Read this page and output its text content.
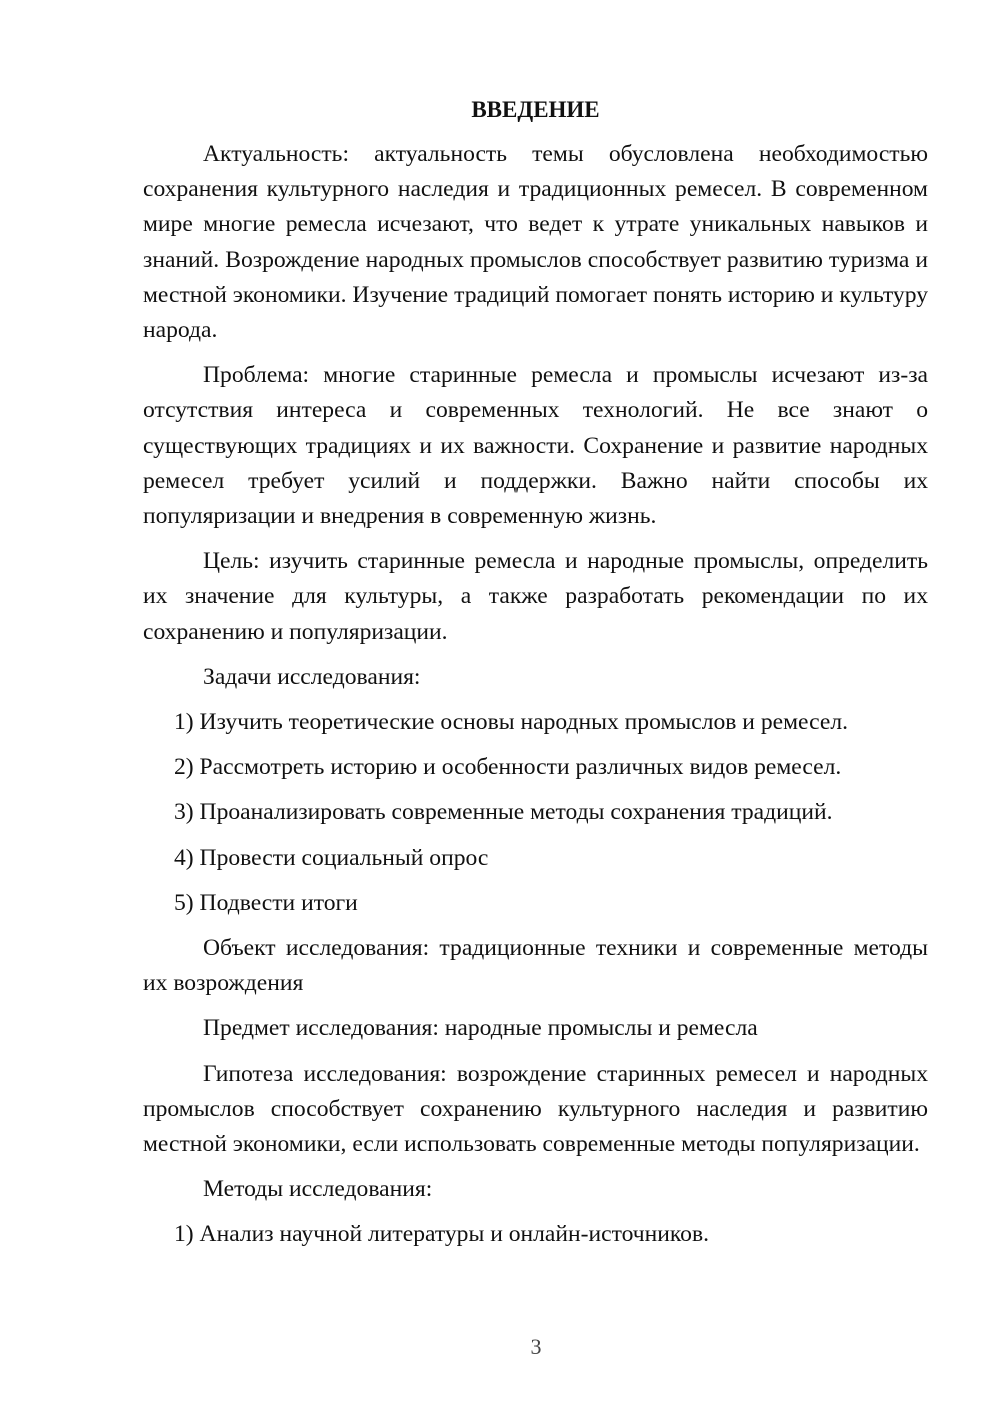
ВВЕДЕНИЕ

Актуальность: актуальность темы обусловлена необходимостью сохранения культурного наследия и традиционных ремесел. В современном мире многие ремесла исчезают, что ведет к утрате уникальных навыков и знаний. Возрождение народных промыслов способствует развитию туризма и местной экономики. Изучение традиций помогает понять историю и культуру народа.

Проблема: многие старинные ремесла и промыслы исчезают из-за отсутствия интереса и современных технологий. Не все знают о существующих традициях и их важности. Сохранение и развитие народных ремесел требует усилий и поддержки. Важно найти способы их популяризации и внедрения в современную жизнь.

Цель: изучить старинные ремесла и народные промыслы, определить их значение для культуры, а также разработать рекомендации по их сохранению и популяризации.

Задачи исследования:

1) Изучить теоретические основы народных промыслов и ремесел.
2) Рассмотреть историю и особенности различных видов ремесел.
3) Проанализировать современные методы сохранения традиций.
4) Провести социальный опрос
5) Подвести итоги

Объект исследования: традиционные техники и современные методы их возрождения

Предмет исследования: народные промыслы и ремесла

Гипотеза исследования: возрождение старинных ремесел и народных промыслов способствует сохранению культурного наследия и развитию местной экономики, если использовать современные методы популяризации.

Методы исследования:

1) Анализ научной литературы и онлайн-источников.
3
